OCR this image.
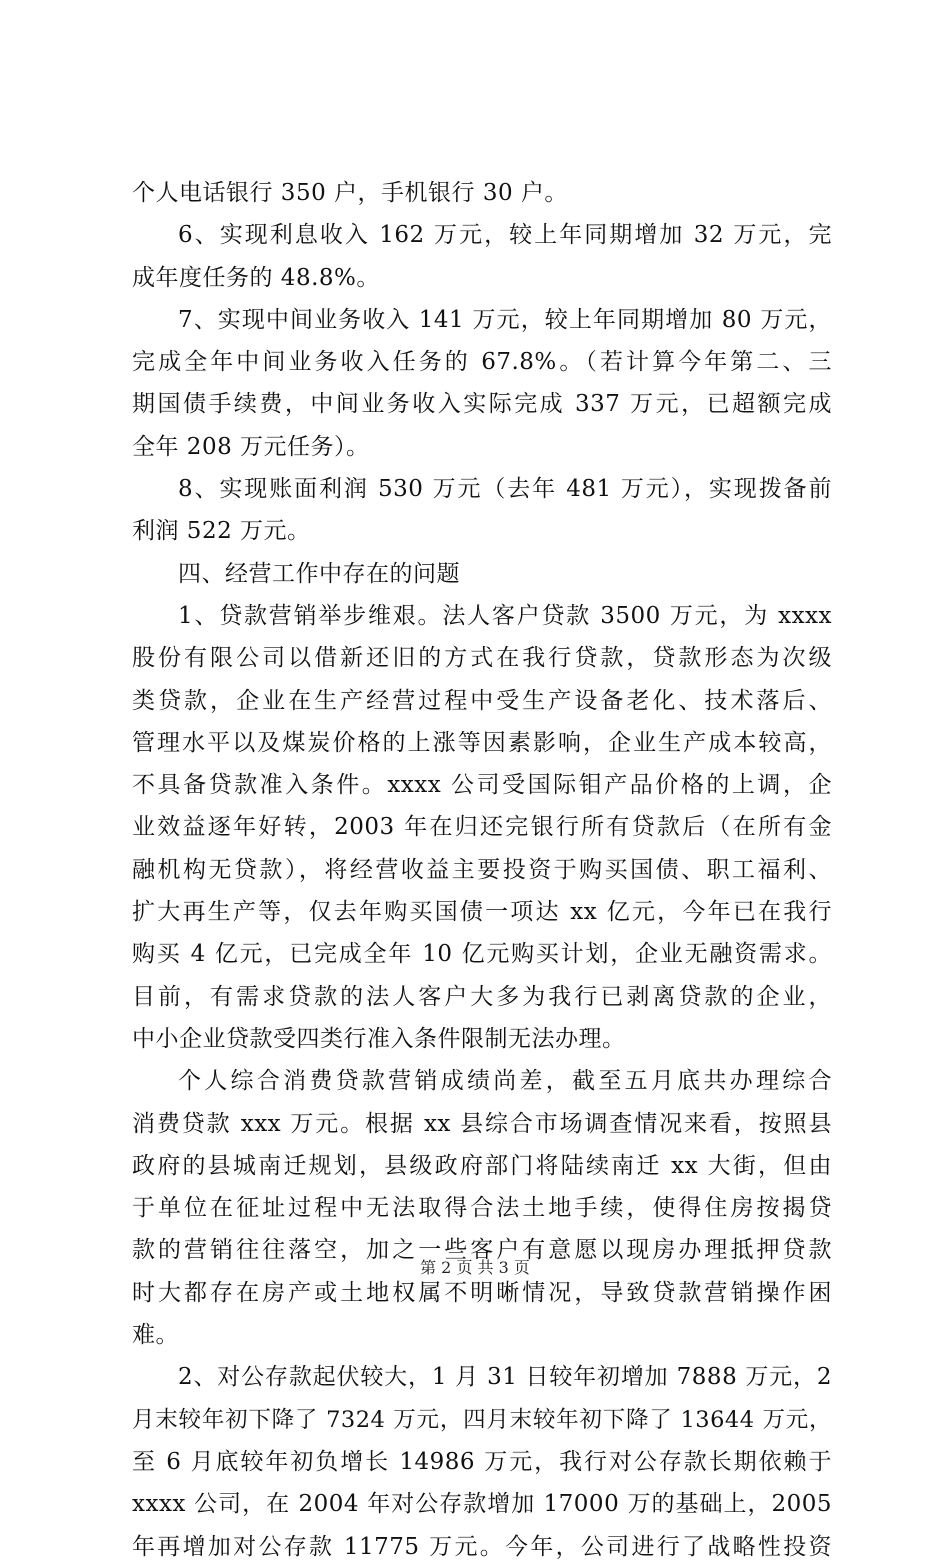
个人电话银行 350 户，手机银行 30 户。
6、实现利息收入 162 万元，较上年同期增加 32 万元，完
成年度任务的 48.8%。
7、实现中间业务收入 141 万元，较上年同期增加 80 万元，
完成全年中间业务收入任务的 67.8%。（若计算今年第二、三
期国债手续费，中间业务收入实际完成 337 万元，已超额完成
全年 208 万元任务）。
8、实现账面利润 530 万元（去年 481 万元），实现拨备前
利润 522 万元。
四、经营工作中存在的问题
1、贷款营销举步维艰。法人客户贷款 3500 万元，为 xxxx
股份有限公司以借新还旧的方式在我行贷款，贷款形态为次级
类贷款，企业在生产经营过程中受生产设备老化、技术落后、
管理水平以及煤炭价格的上涨等因素影响，企业生产成本较高，
不具备贷款准入条件。xxxx 公司受国际钼产品价格的上调，企
业效益逐年好转，2003 年在归还完银行所有贷款后（在所有金
融机构无贷款），将经营收益主要投资于购买国债、职工福利、
扩大再生产等，仅去年购买国债一项达 xx 亿元，今年已在我行
购买 4 亿元，已完成全年 10 亿元购买计划，企业无融资需求。
目前，有需求贷款的法人客户大多为我行已剥离贷款的企业，
中小企业贷款受四类行准入条件限制无法办理。
个人综合消费贷款营销成绩尚差，截至五月底共办理综合
消费贷款 xxx 万元。根据 xx 县综合市场调查情况来看，按照县
政府的县城南迁规划，县级政府部门将陆续南迁 xx 大街，但由
于单位在征址过程中无法取得合法土地手续，使得住房按揭贷
款的营销往往落空，加之一些客户有意愿以现房办理抵押贷款
时大都存在房产或土地权属不明晰情况，导致贷款营销操作困
难。
2、对公存款起伏较大，1 月 31 日较年初增加 7888 万元，2
月末较年初下降了 7324 万元，四月末较年初下降了 13644 万元，
至 6 月底较年初负增长 14986 万元，我行对公存款长期依赖于
xxxx 公司，在 2004 年对公存款增加 17000 万的基础上，2005
年再增加对公存款 11775 万元。今年，公司进行了战略性投资
第 2 页 共 3 页
